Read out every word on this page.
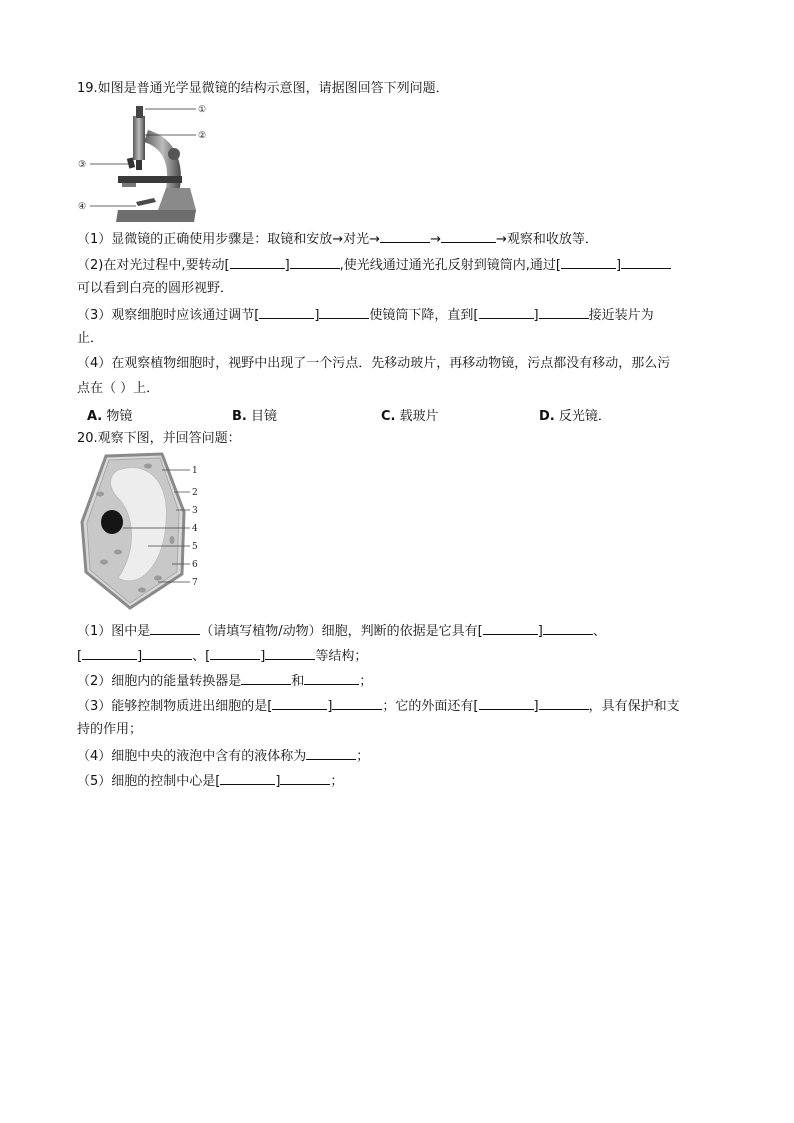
19.如图是普通光学显微镜的结构示意图，请据图回答下列问题．
①
②
③
④
（1）显微镜的正确使用步骤是：取镜和安放→对光→	→	→观察和收放等．
（2)在对光过程中,要转动[	]	,使光线通过通光孔反射到镜筒内,通过[	]
可以看到白亮的圆形视野．
（3）观察细胞时应该通过调节[	]	使镜筒下降，直到[	]	接近装片为
止．
（4）在观察植物细胞时，视野中出现了一个污点．先移动玻片，再移动物镜，污点都没有移动，那么污
点在（ ）上．
A. 物镜	B. 目镜	C. 载玻片	D. 反光镜．
20.观察下图，并回答问题：
1
2
3
4
5
6
7
（1）图中是	（请填写植物/动物）细胞，判断的依据是它具有[	]	、
[	]	、[	]	等结构；
（2）细胞内的能量转换器是	和	；
（3）能够控制物质进出细胞的是[	]	；它的外面还有[	]	，具有保护和支
持的作用；
（4）细胞中央的液泡中含有的液体称为	；
（5）细胞的控制中心是[	]	；
